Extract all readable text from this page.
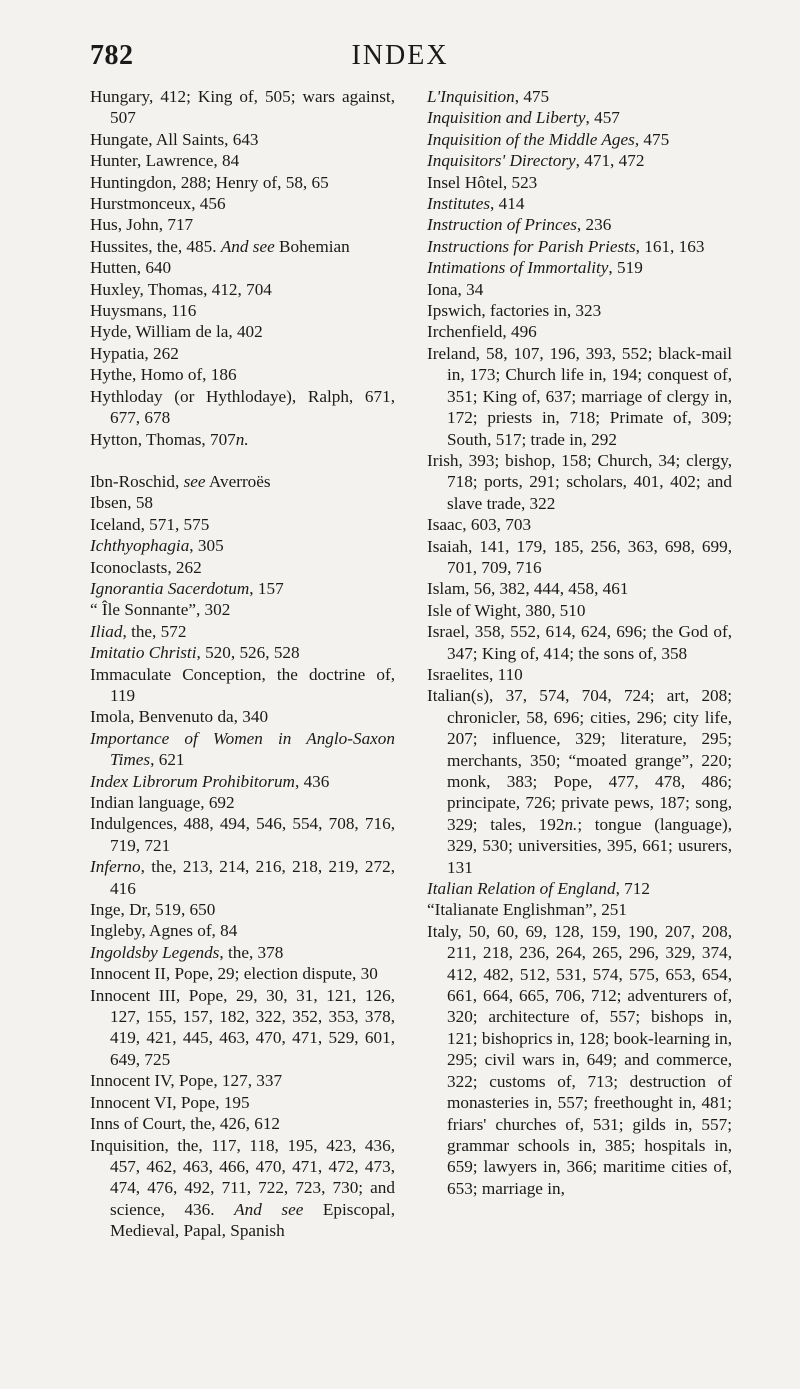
782	INDEX
Hungary, 412; King of, 505; wars against, 507
Hungate, All Saints, 643
Hunter, Lawrence, 84
Huntingdon, 288; Henry of, 58, 65
Hurstmonceux, 456
Hus, John, 717
Hussites, the, 485. And see Bohemian
Hutten, 640
Huxley, Thomas, 412, 704
Huysmans, 116
Hyde, William de la, 402
Hypatia, 262
Hythe, Homo of, 186
Hythloday (or Hythlodaye), Ralph, 671, 677, 678
Hytton, Thomas, 707n.
Ibn-Roschid, see Averroës
Ibsen, 58
Iceland, 571, 575
Ichthyophagia, 305
Iconoclasts, 262
Ignorantia Sacerdotum, 157
“ Île Sonnante”, 302
Iliad, the, 572
Imitatio Christi, 520, 526, 528
Immaculate Conception, the doctrine of, 119
Imola, Benvenuto da, 340
Importance of Women in Anglo-Saxon Times, 621
Index Librorum Prohibitorum, 436
Indian language, 692
Indulgences, 488, 494, 546, 554, 708, 716, 719, 721
Inferno, the, 213, 214, 216, 218, 219, 272, 416
Inge, Dr, 519, 650
Ingleby, Agnes of, 84
Ingoldsby Legends, the, 378
Innocent II, Pope, 29; election dispute, 30
Innocent III, Pope, 29, 30, 31, 121, 126, 127, 155, 157, 182, 322, 352, 353, 378, 419, 421, 445, 463, 470, 471, 529, 601, 649, 725
Innocent IV, Pope, 127, 337
Innocent VI, Pope, 195
Inns of Court, the, 426, 612
Inquisition, the, 117, 118, 195, 423, 436, 457, 462, 463, 466, 470, 471, 472, 473, 474, 476, 492, 711, 722, 723, 730; and science, 436. And see Episcopal, Medieval, Papal, Spanish
L'Inquisition, 475
Inquisition and Liberty, 457
Inquisition of the Middle Ages, 475
Inquisitors' Directory, 471, 472
Insel Hôtel, 523
Institutes, 414
Instruction of Princes, 236
Instructions for Parish Priests, 161, 163
Intimations of Immortality, 519
Iona, 34
Ipswich, factories in, 323
Irchenfield, 496
Ireland, 58, 107, 196, 393, 552; black-mail in, 173; Church life in, 194; conquest of, 351; King of, 637; marriage of clergy in, 172; priests in, 718; Primate of, 309; South, 517; trade in, 292
Irish, 393; bishop, 158; Church, 34; clergy, 718; ports, 291; scholars, 401, 402; and slave trade, 322
Isaac, 603, 703
Isaiah, 141, 179, 185, 256, 363, 698, 699, 701, 709, 716
Islam, 56, 382, 444, 458, 461
Isle of Wight, 380, 510
Israel, 358, 552, 614, 624, 696; the God of, 347; King of, 414; the sons of, 358
Israelites, 110
Italian(s), 37, 574, 704, 724; art, 208; chronicler, 58, 696; cities, 296; city life, 207; influence, 329; literature, 295; merchants, 350; “moated grange”, 220; monk, 383; Pope, 477, 478, 486; principate, 726; private pews, 187; song, 329; tales, 192n.; tongue (language), 329, 530; universities, 395, 661; usurers, 131
Italian Relation of England, 712
“Italianate Englishman”, 251
Italy, 50, 60, 69, 128, 159, 190, 207, 208, 211, 218, 236, 264, 265, 296, 329, 374, 412, 482, 512, 531, 574, 575, 653, 654, 661, 664, 665, 706, 712; adventurers of, 320; architecture of, 557; bishops in, 121; bishoprics in, 128; book-learning in, 295; civil wars in, 649; and commerce, 322; customs of, 713; destruction of monasteries in, 557; freethought in, 481; friars' churches of, 531; gilds in, 557; grammar schools in, 385; hospitals in, 659; lawyers in, 366; maritime cities of, 653; marriage in,
